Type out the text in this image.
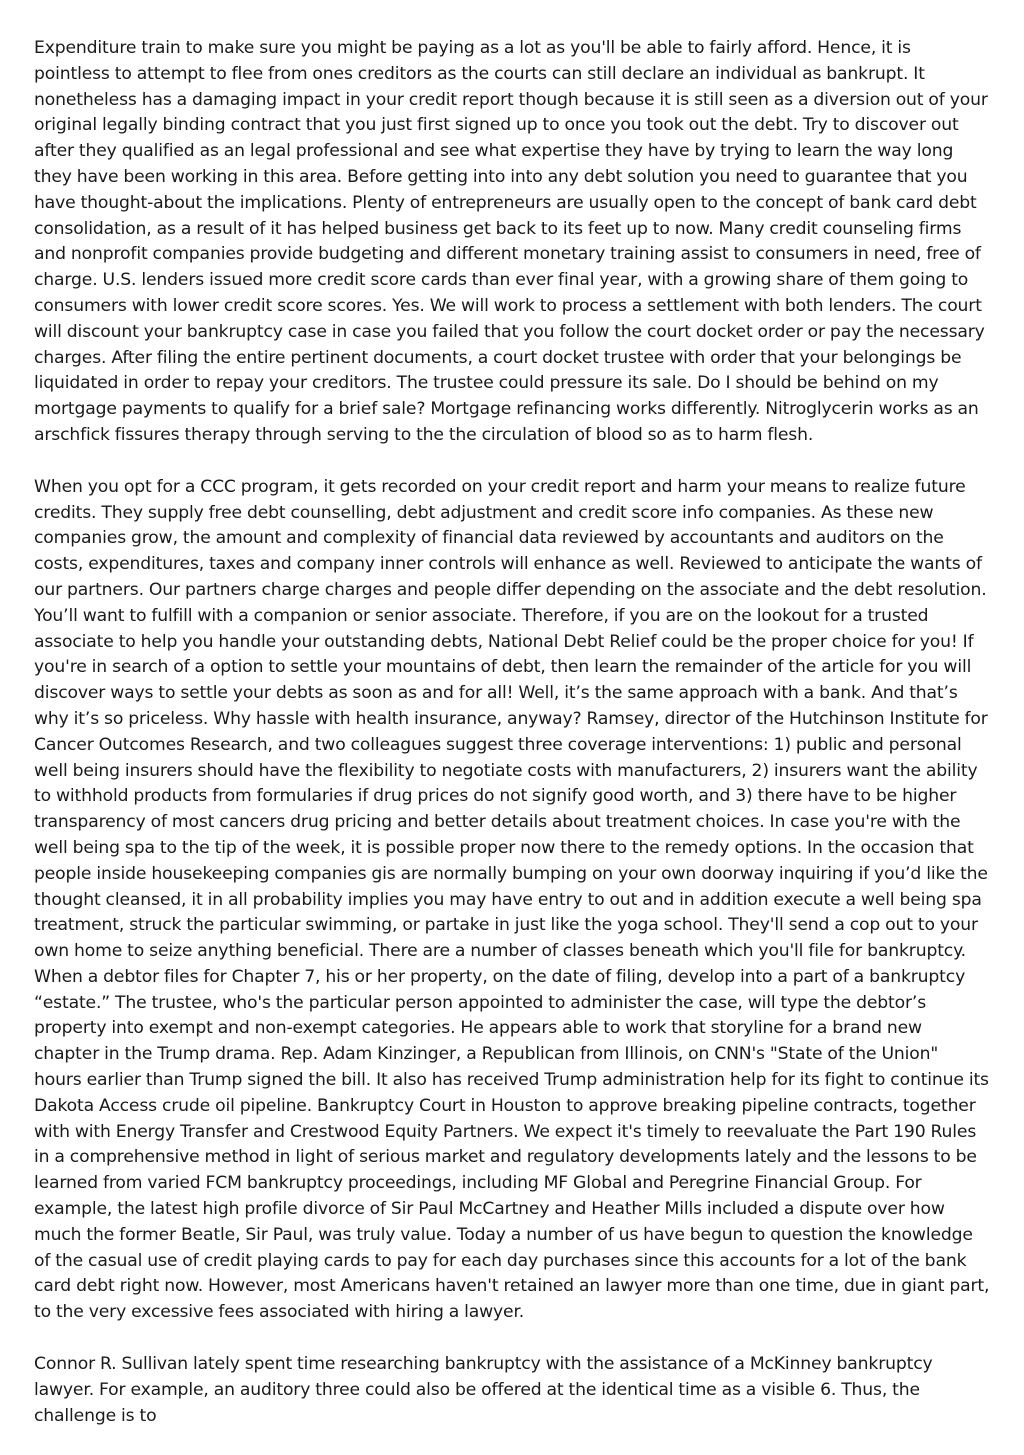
Expenditure train to make sure you might be paying as a lot as you'll be able to fairly afford. Hence, it is pointless to attempt to flee from ones creditors as the courts can still declare an individual as bankrupt. It nonetheless has a damaging impact in your credit report though because it is still seen as a diversion out of your original legally binding contract that you just first signed up to once you took out the debt. Try to discover out after they qualified as an legal professional and see what expertise they have by trying to learn the way long they have been working in this area. Before getting into into any debt solution you need to guarantee that you have thought-about the implications. Plenty of entrepreneurs are usually open to the concept of bank card debt consolidation, as a result of it has helped business get back to its feet up to now. Many credit counseling firms and nonprofit companies provide budgeting and different monetary training assist to consumers in need, free of charge. U.S. lenders issued more credit score cards than ever final year, with a growing share of them going to consumers with lower credit score scores. Yes. We will work to process a settlement with both lenders. The court will discount your bankruptcy case in case you failed that you follow the court docket order or pay the necessary charges. After filing the entire pertinent documents, a court docket trustee with order that your belongings be liquidated in order to repay your creditors. The trustee could pressure its sale. Do I should be behind on my mortgage payments to qualify for a brief sale? Mortgage refinancing works differently. Nitroglycerin works as an arschfick fissures therapy through serving to the the circulation of blood so as to harm flesh.

When you opt for a CCC program, it gets recorded on your credit report and harm your means to realize future credits. They supply free debt counselling, debt adjustment and credit score info companies. As these new companies grow, the amount and complexity of financial data reviewed by accountants and auditors on the costs, expenditures, taxes and company inner controls will enhance as well. Reviewed to anticipate the wants of our partners. Our partners charge charges and people differ depending on the associate and the debt resolution. You’ll want to fulfill with a companion or senior associate. Therefore, if you are on the lookout for a trusted associate to help you handle your outstanding debts, National Debt Relief could be the proper choice for you! If you're in search of a option to settle your mountains of debt, then learn the remainder of the article for you will discover ways to settle your debts as soon as and for all! Well, it’s the same approach with a bank. And that’s why it’s so priceless. Why hassle with health insurance, anyway? Ramsey, director of the Hutchinson Institute for Cancer Outcomes Research, and two colleagues suggest three coverage interventions: 1) public and personal well being insurers should have the flexibility to negotiate costs with manufacturers, 2) insurers want the ability to withhold products from formularies if drug prices do not signify good worth, and 3) there have to be higher transparency of most cancers drug pricing and better details about treatment choices. In case you're with the well being spa to the tip of the week, it is possible proper now there to the remedy options. In the occasion that people inside housekeeping companies gis are normally bumping on your own doorway inquiring if you’d like the thought cleansed, it in all probability implies you may have entry to out and in addition execute a well being spa treatment, struck the particular swimming, or partake in just like the yoga school. They'll send a cop out to your own home to seize anything beneficial. There are a number of classes beneath which you'll file for bankruptcy. When a debtor files for Chapter 7, his or her property, on the date of filing, develop into a part of a bankruptcy “estate.” The trustee, who's the particular person appointed to administer the case, will type the debtor’s property into exempt and non-exempt categories. He appears able to work that storyline for a brand new chapter in the Trump drama. Rep. Adam Kinzinger, a Republican from Illinois, on CNN's "State of the Union" hours earlier than Trump signed the bill. It also has received Trump administration help for its fight to continue its Dakota Access crude oil pipeline. Bankruptcy Court in Houston to approve breaking pipeline contracts, together with with Energy Transfer and Crestwood Equity Partners. We expect it's timely to reevaluate the Part 190 Rules in a comprehensive method in light of serious market and regulatory developments lately and the lessons to be learned from varied FCM bankruptcy proceedings, including MF Global and Peregrine Financial Group. For example, the latest high profile divorce of Sir Paul McCartney and Heather Mills included a dispute over how much the former Beatle, Sir Paul, was truly value. Today a number of us have begun to question the knowledge of the casual use of credit playing cards to pay for each day purchases since this accounts for a lot of the bank card debt right now. However, most Americans haven't retained an lawyer more than one time, due in giant part, to the very excessive fees associated with hiring a lawyer.

Connor R. Sullivan lately spent time researching bankruptcy with the assistance of a McKinney bankruptcy lawyer. For example, an auditory three could also be offered at the identical time as a visible 6. Thus, the challenge is to
